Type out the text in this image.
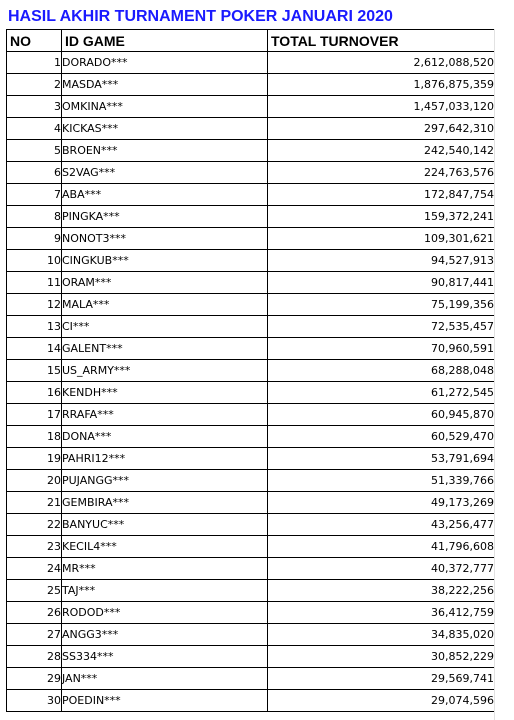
HASIL AKHIR TURNAMENT POKER JANUARI 2020
NO	ID GAME	TOTAL TURNOVER
1	DORADO***	2,612,088,520
2	MASDA***	1,876,875,359
3	OMKINA***	1,457,033,120
4	KICKAS***	297,642,310
5	BROEN***	242,540,142
6	S2VAG***	224,763,576
7	ABA***	172,847,754
8	PINGKA***	159,372,241
9	NONOT3***	109,301,621
10	CINGKUB***	94,527,913
11	ORAM***	90,817,441
12	MALA***	75,199,356
13	CI***	72,535,457
14	GALENT***	70,960,591
15	US_ARMY***	68,288,048
16	KENDH***	61,272,545
17	RRAFA***	60,945,870
18	DONA***	60,529,470
19	PAHRI12***	53,791,694
20	PUJANGG***	51,339,766
21	GEMBIRA***	49,173,269
22	BANYUC***	43,256,477
23	KECIL4***	41,796,608
24	MR***	40,372,777
25	TAJ***	38,222,256
26	RODOD***	36,412,759
27	ANGG3***	34,835,020
28	SS334***	30,852,229
29	JAN***	29,569,741
30	POEDIN***	29,074,596
